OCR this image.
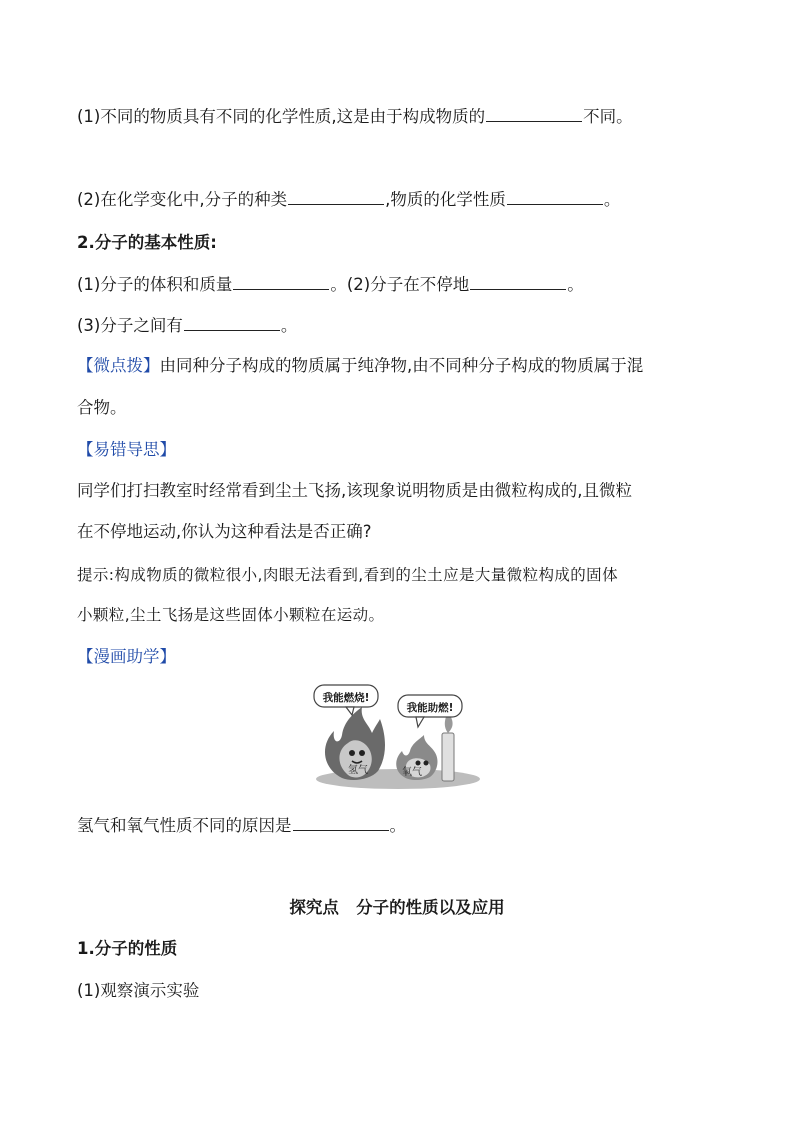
(1)不同的物质具有不同的化学性质,这是由于构成物质的	不同。
(2)在化学变化中,分子的种类	,物质的化学性质	。
2.分子的基本性质:
(1)分子的体积和质量	。(2)分子在不停地	。
(3)分子之间有	。
【微点拨】由同种分子构成的物质属于纯净物,由不同种分子构成的物质属于混
合物。
【易错导思】
同学们打扫教室时经常看到尘土飞扬,该现象说明物质是由微粒构成的,且微粒
在不停地运动,你认为这种看法是否正确?
提示:构成物质的微粒很小,肉眼无法看到,看到的尘土应是大量微粒构成的固体
小颗粒,尘土飞扬是这些固体小颗粒在运动。
【漫画助学】
我能燃烧!
我能助燃!
氢气	氧气
氢气和氧气性质不同的原因是	。
探究点   分子的性质以及应用
1.分子的性质
(1)观察演示实验
